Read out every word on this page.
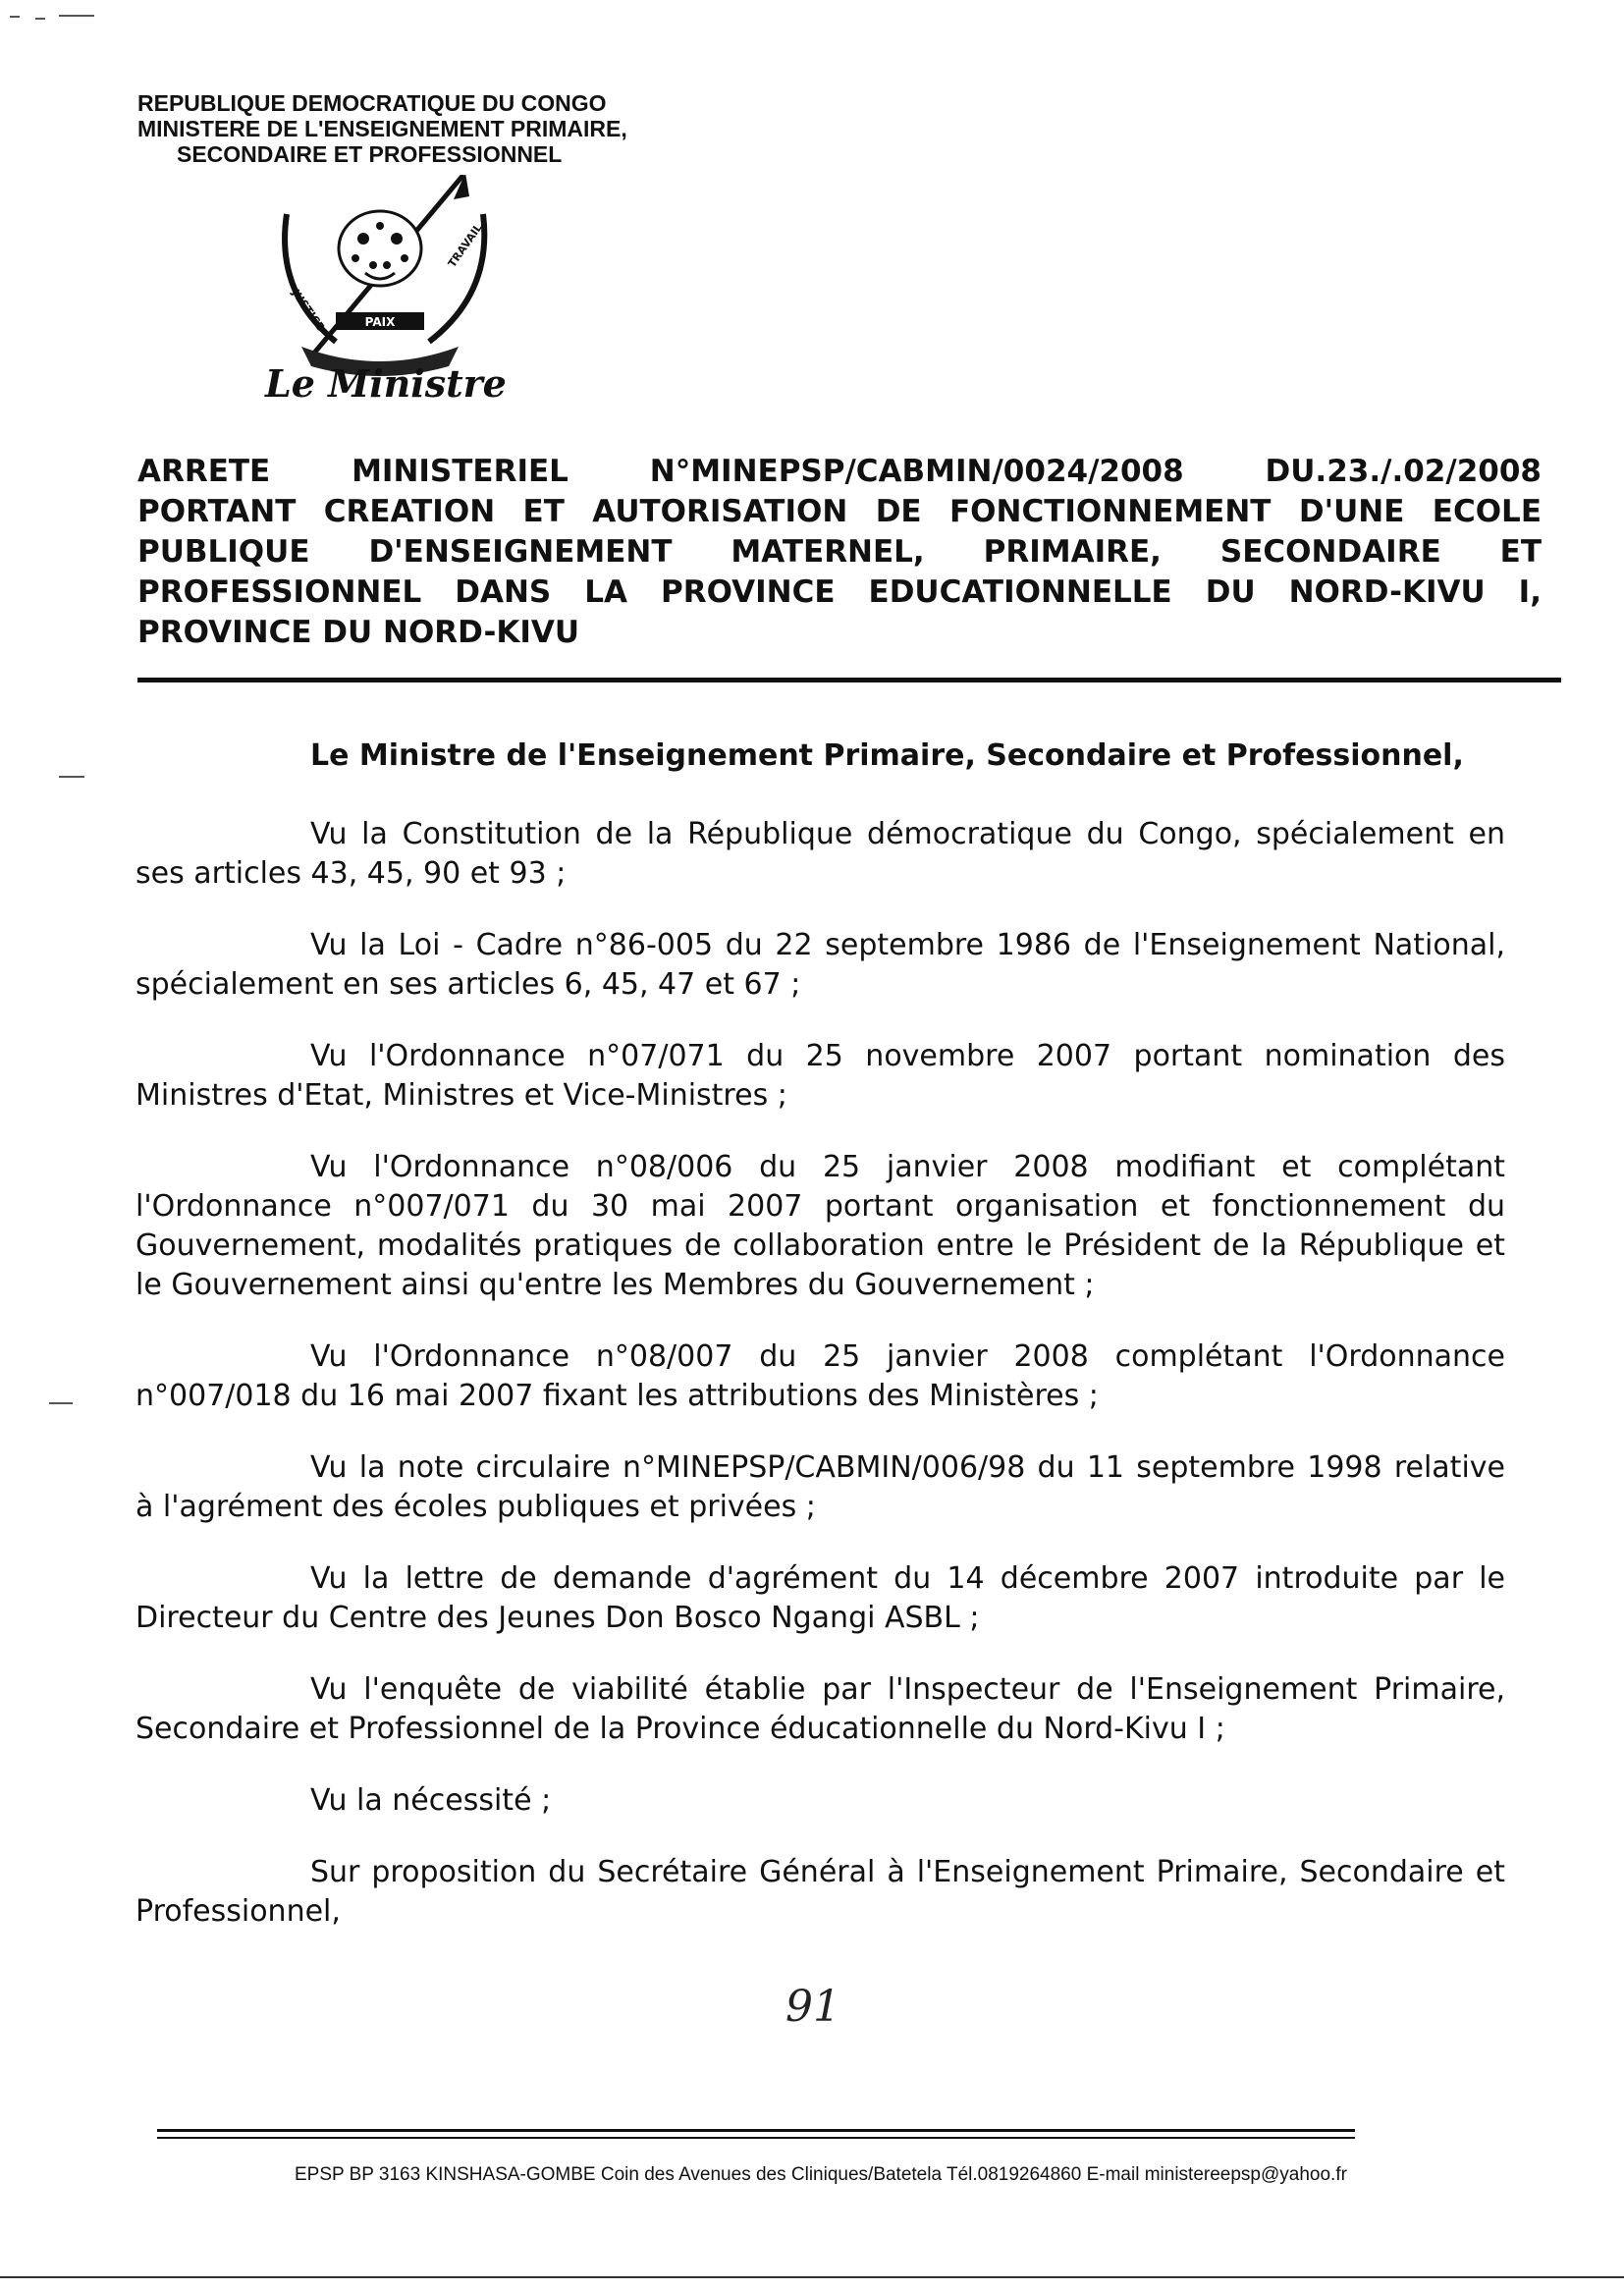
REPUBLIQUE DEMOCRATIQUE DU CONGO
MINISTERE DE L'ENSEIGNEMENT PRIMAIRE,
SECONDAIRE ET PROFESSIONNEL
JUSTICE
TRAVAIL
PAIX
Le Ministre
ARRETE	MINISTERIEL	N°MINEPSP/CABMIN/0024/2008	DU.23./.02/2008
PORTANT CREATION ET AUTORISATION DE FONCTIONNEMENT D'UNE ECOLE PUBLIQUE D'ENSEIGNEMENT MATERNEL, PRIMAIRE, SECONDAIRE ET PROFESSIONNEL DANS LA PROVINCE EDUCATIONNELLE DU NORD-KIVU I, PROVINCE DU NORD-KIVU
Le Ministre de l'Enseignement Primaire, Secondaire et Professionnel,

Vu la Constitution de la République démocratique du Congo, spécialement en ses articles 43, 45, 90 et 93 ;

Vu la Loi - Cadre n°86-005 du 22 septembre 1986 de l'Enseignement National, spécialement en ses articles 6, 45, 47 et 67 ;

Vu l'Ordonnance n°07/071 du 25 novembre 2007 portant nomination des Ministres d'Etat, Ministres et Vice-Ministres ;

Vu l'Ordonnance n°08/006 du 25 janvier 2008 modifiant et complétant l'Ordonnance n°007/071 du 30 mai 2007 portant organisation et fonctionnement du Gouvernement, modalités pratiques de collaboration entre le Président de la République et le Gouvernement ainsi qu'entre les Membres du Gouvernement ;

Vu l'Ordonnance n°08/007 du 25 janvier 2008 complétant l'Ordonnance n°007/018 du 16 mai 2007 fixant les attributions des Ministères ;

Vu la note circulaire n°MINEPSP/CABMIN/006/98 du 11 septembre 1998 relative à l'agrément des écoles publiques et privées ;

Vu la lettre de demande d'agrément du 14 décembre 2007 introduite par le Directeur du Centre des Jeunes Don Bosco Ngangi ASBL ;

Vu l'enquête de viabilité établie par l'Inspecteur de l'Enseignement Primaire, Secondaire et Professionnel de la Province éducationnelle du Nord-Kivu I ;

Vu la nécessité ;

Sur proposition du Secrétaire Général à l'Enseignement Primaire, Secondaire et Professionnel,

91
EPSP BP 3163 KINSHASA-GOMBE Coin des Avenues des Cliniques/Batetela Tél.0819264860 E-mail ministereepsp@yahoo.fr
